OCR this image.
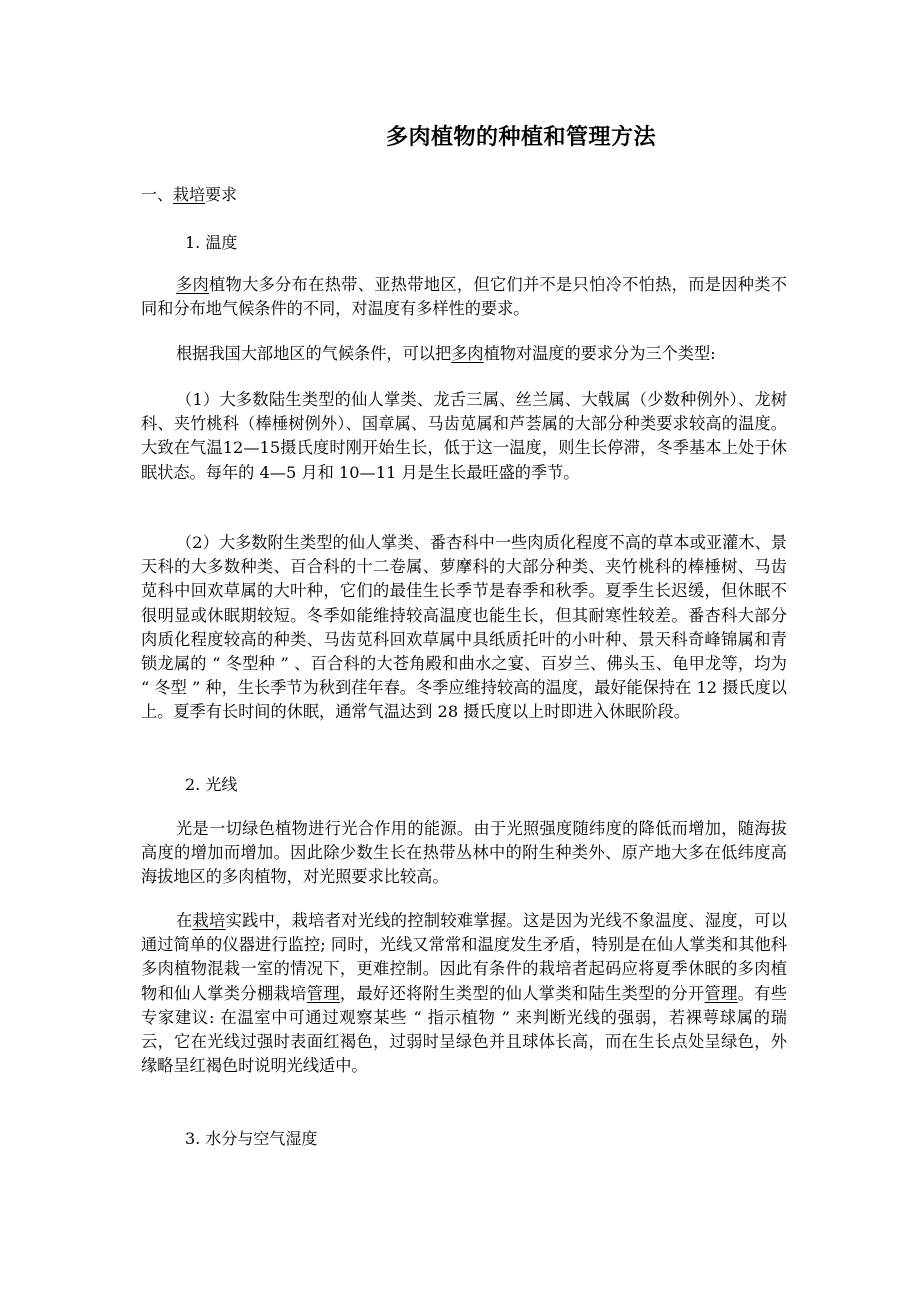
多肉植物的种植和管理方法
一、栽培要求
1. 温度

多肉植物大多分布在热带、亚热带地区，但它们并不是只怕冷不怕热，而是因种类不同和分布地气候条件的不同，对温度有多样性的要求。

根据我国大部地区的气候条件，可以把多肉植物对温度的要求分为三个类型:

（1）大多数陆生类型的仙人掌类、龙舌三属、丝兰属、大戟属（少数种例外）、龙树科、夹竹桃科（棒棰树例外）、国章属、马齿苋属和芦荟属的大部分种类要求较高的温度。大致在气温12—15摄氏度时刚开始生长，低于这一温度，则生长停滞，冬季基本上处于休眠状态。每年的 4—5 月和 10—11 月是生长最旺盛的季节。

（2）大多数附生类型的仙人掌类、番杏科中一些肉质化程度不高的草本或亚灌木、景天科的大多数种类、百合科的十二卷属、萝摩科的大部分种类、夹竹桃科的棒棰树、马齿苋科中回欢草属的大叶种，它们的最佳生长季节是春季和秋季。夏季生长迟缓，但休眠不很明显或休眠期较短。冬季如能维持较高温度也能生长，但其耐寒性较差。番杏科大部分肉质化程度较高的种类、马齿苋科回欢草属中具纸质托叶的小叶种、景天科奇峰锦属和青锁龙属的 “ 冬型种 ” 、百合科的大苍角殿和曲水之宴、百岁兰、佛头玉、龟甲龙等，均为 “ 冬型 ” 种，生长季节为秋到荏年春。冬季应维持较高的温度，最好能保持在 12 摄氏度以上。夏季有长时间的休眠，通常气温达到 28 摄氏度以上时即进入休眠阶段。

2. 光线

光是一切绿色植物进行光合作用的能源。由于光照强度随纬度的降低而增加，随海拔高度的增加而增加。因此除少数生长在热带丛林中的附生种类外、原产地大多在低纬度高海拔地区的多肉植物，对光照要求比较高。

在栽培实践中，栽培者对光线的控制较难掌握。这是因为光线不象温度、湿度，可以通过简单的仪器进行监控; 同时，光线又常常和温度发生矛盾，特别是在仙人掌类和其他科多肉植物混栽一室的情况下，更难控制。因此有条件的栽培者起码应将夏季休眠的多肉植物和仙人掌类分棚栽培管理，最好还将附生类型的仙人掌类和陆生类型的分开管理。有些专家建议: 在温室中可通过观察某些 “ 指示植物 ” 来判断光线的强弱，若裸萼球属的瑞云，它在光线过强时表面红褐色，过弱时呈绿色并且球体长高，而在生长点处呈绿色，外缘略呈红褐色时说明光线适中。

3. 水分与空气湿度
